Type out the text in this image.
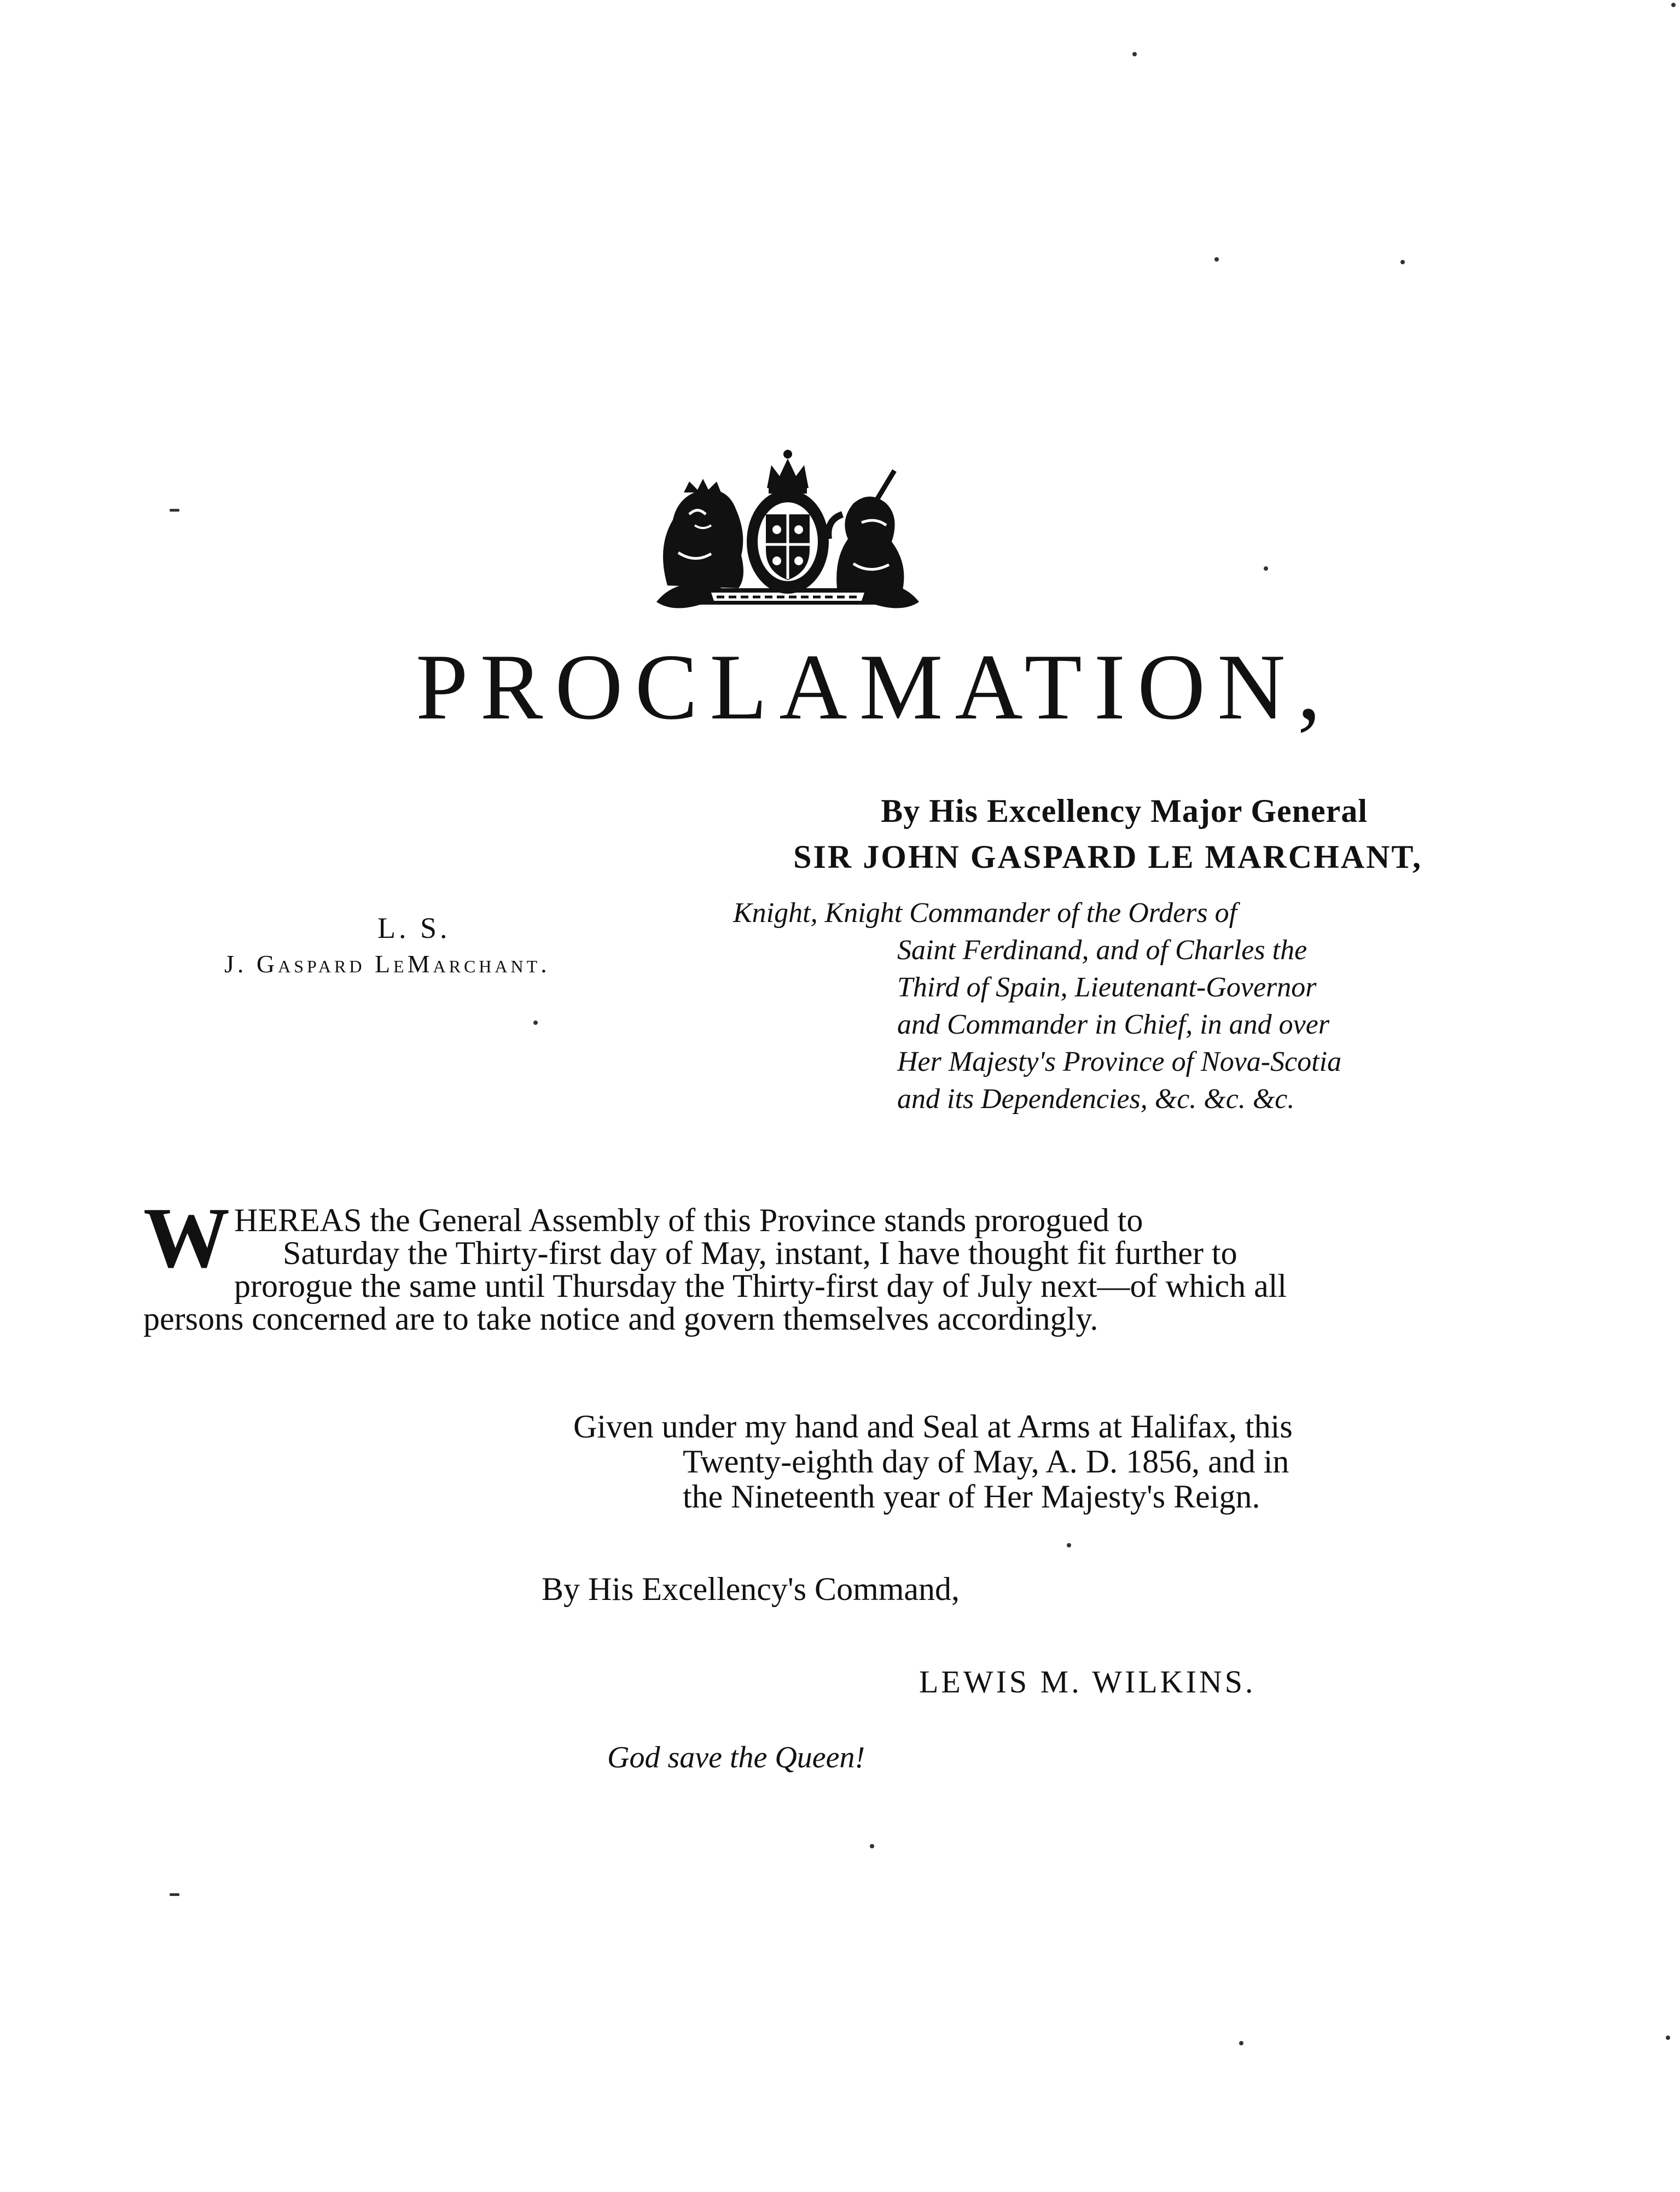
PROCLAMATION,
By His Excellency Major General
SIR JOHN GASPARD LE MARCHANT,
Knight, Knight Commander of the Orders of
Saint Ferdinand, and of Charles the
Third of Spain, Lieutenant-Governor
and Commander in Chief, in and over
Her Majesty's Province of Nova-Scotia
and its Dependencies, &c. &c. &c.
L. S.
J. Gaspard LeMarchant.
W HEREAS the General Assembly of this Province stands prorogued to
Saturday the Thirty-first day of May, instant, I have thought fit further to
prorogue the same until Thursday the Thirty-first day of July next—of which all
persons concerned are to take notice and govern themselves accordingly.
Given under my hand and Seal at Arms at Halifax, this
Twenty-eighth day of May, A. D. 1856, and in
the Nineteenth year of Her Majesty's Reign.
By His Excellency's Command,
LEWIS M. WILKINS.
God save the Queen!
